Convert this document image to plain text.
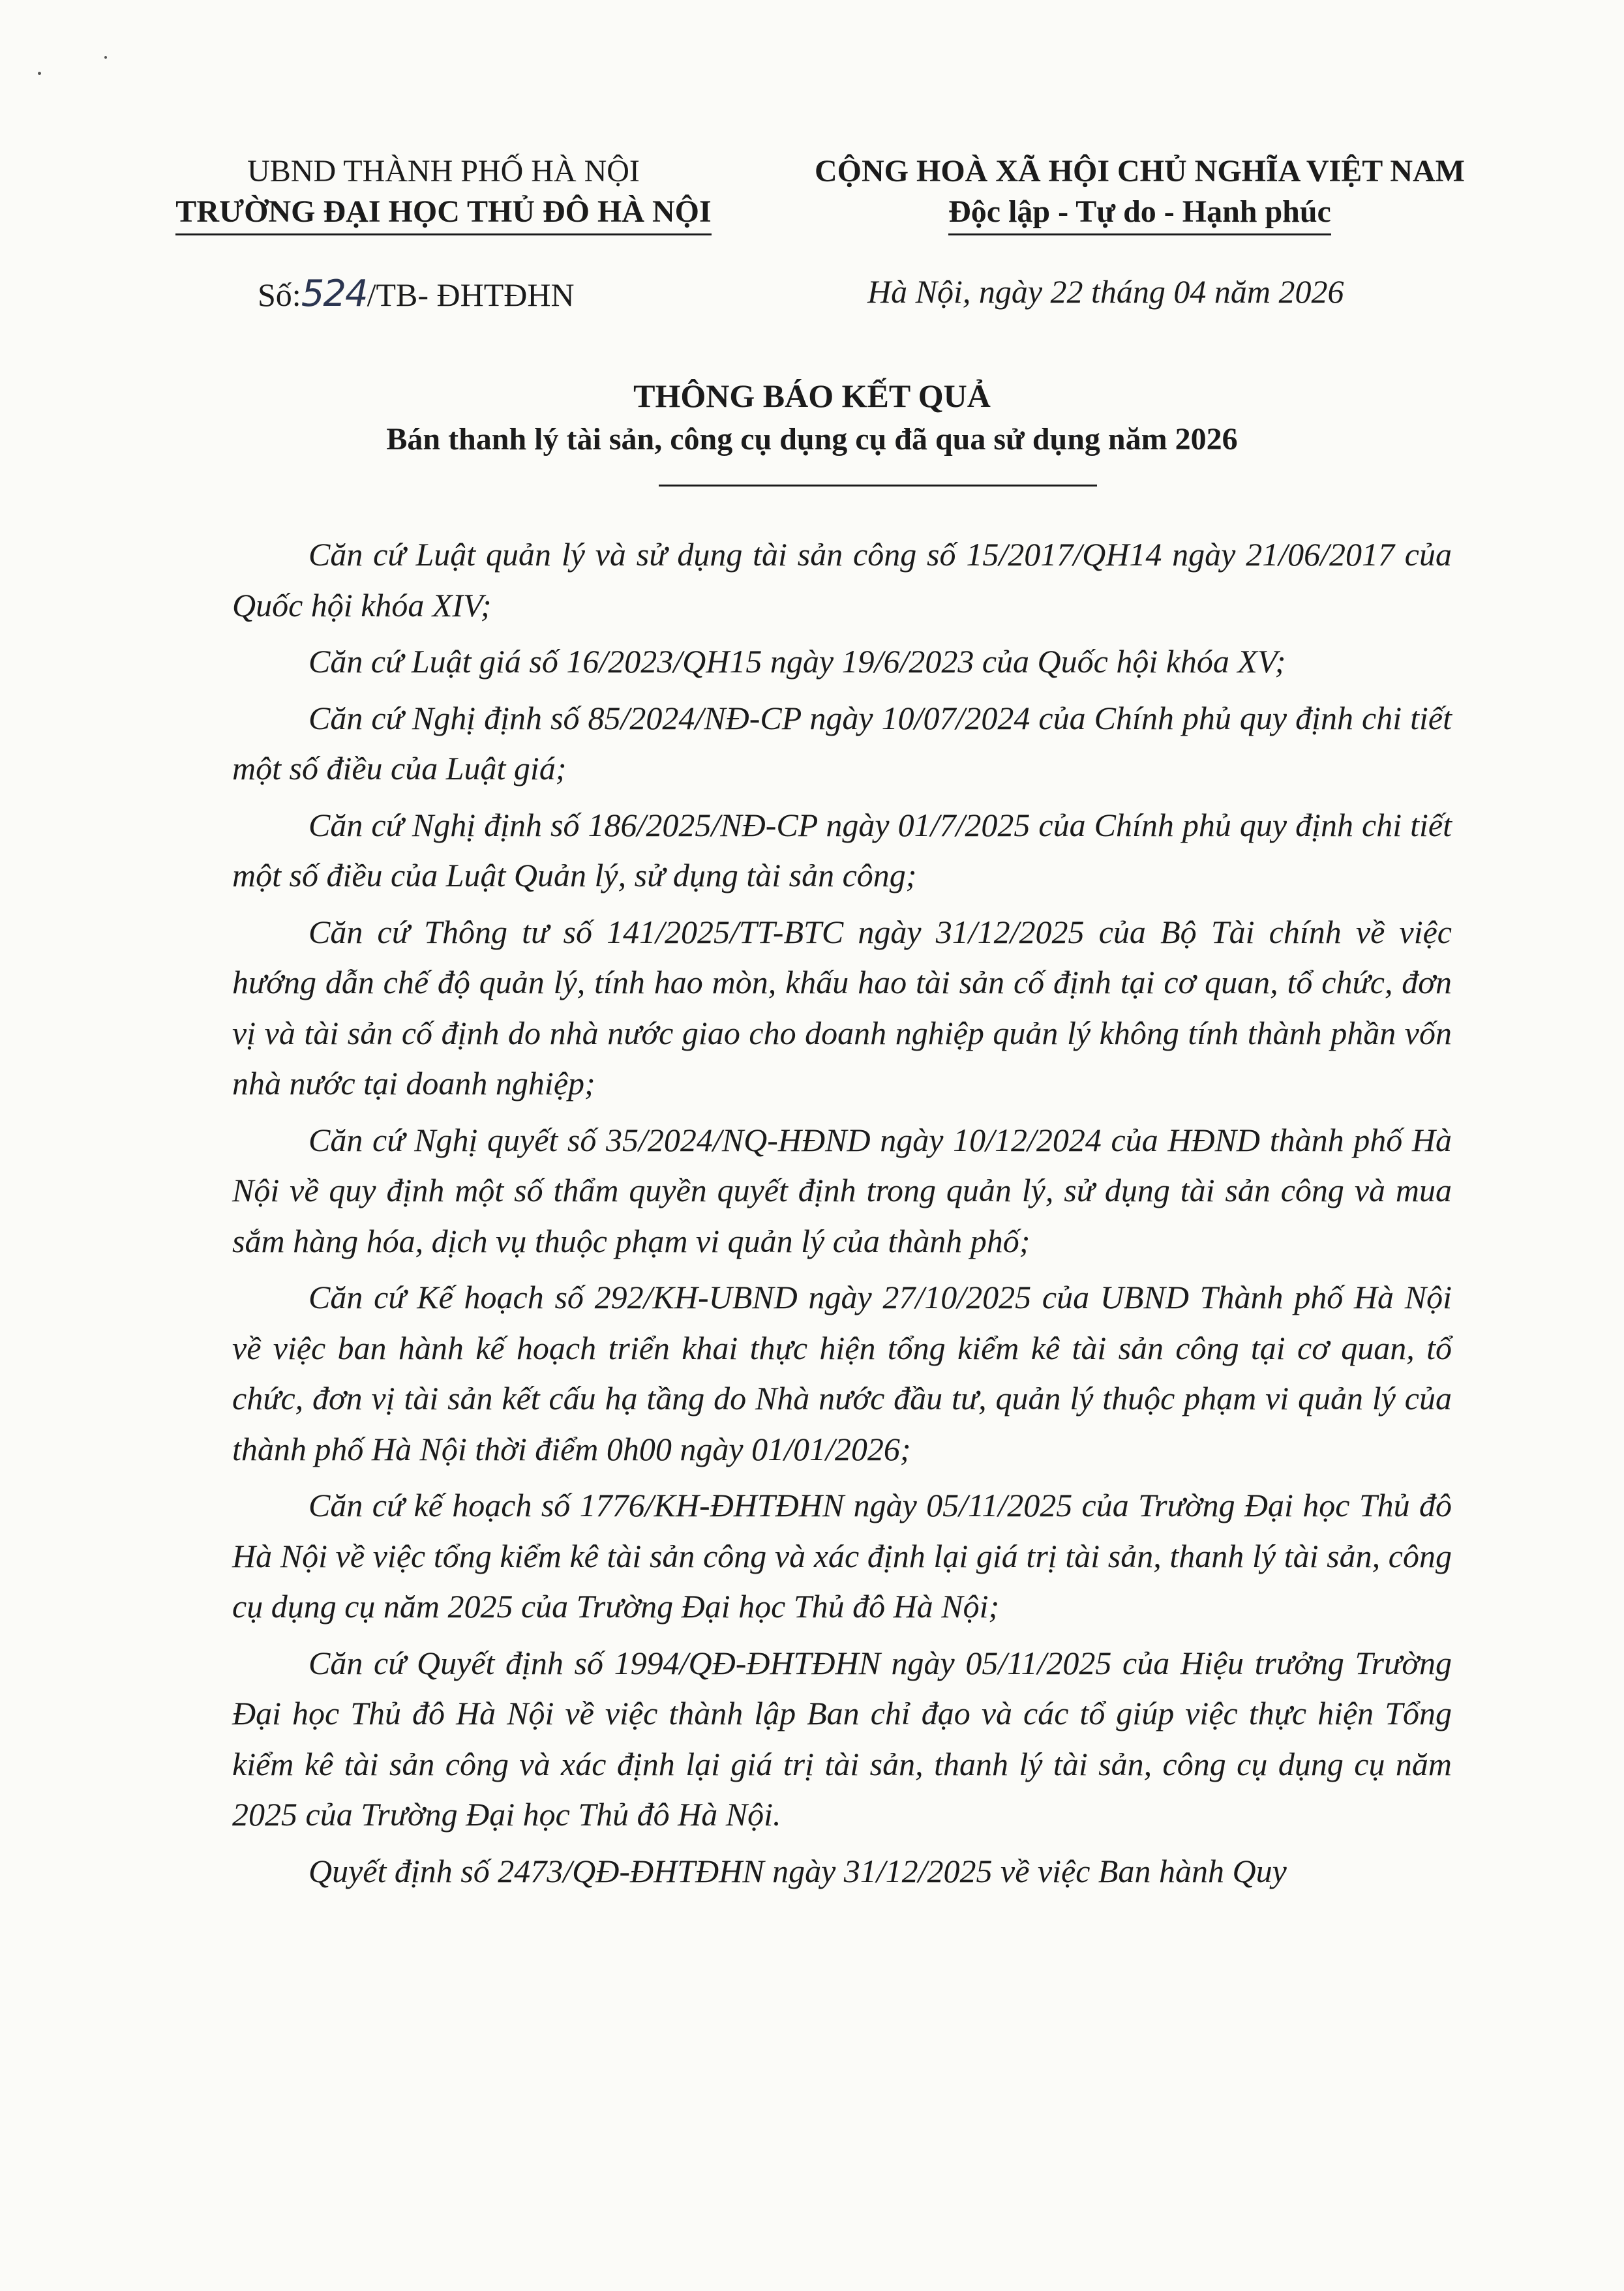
UBND THÀNH PHỐ HÀ NỘI
TRƯỜNG ĐẠI HỌC THỦ ĐÔ HÀ NỘI
CỘNG HOÀ XÃ HỘI CHỦ NGHĨA VIỆT NAM
Độc lập - Tự do - Hạnh phúc
Số:524/TB- ĐHTĐHN	Hà Nội, ngày 22 tháng 04 năm 2026
THÔNG BÁO KẾT QUẢ
Bán thanh lý tài sản, công cụ dụng cụ đã qua sử dụng năm 2026

Căn cứ Luật quản lý và sử dụng tài sản công số 15/2017/QH14 ngày 21/06/2017 của Quốc hội khóa XIV;

Căn cứ Luật giá số 16/2023/QH15 ngày 19/6/2023 của Quốc hội khóa XV;

Căn cứ Nghị định số 85/2024/NĐ-CP ngày 10/07/2024 của Chính phủ quy định chi tiết một số điều của Luật giá;

Căn cứ Nghị định số 186/2025/NĐ-CP ngày 01/7/2025 của Chính phủ quy định chi tiết một số điều của Luật Quản lý, sử dụng tài sản công;

Căn cứ Thông tư số 141/2025/TT-BTC ngày 31/12/2025 của Bộ Tài chính về việc hướng dẫn chế độ quản lý, tính hao mòn, khấu hao tài sản cố định tại cơ quan, tổ chức, đơn vị và tài sản cố định do nhà nước giao cho doanh nghiệp quản lý không tính thành phần vốn nhà nước tại doanh nghiệp;

Căn cứ Nghị quyết số 35/2024/NQ-HĐND ngày 10/12/2024 của HĐND thành phố Hà Nội về quy định một số thẩm quyền quyết định trong quản lý, sử dụng tài sản công và mua sắm hàng hóa, dịch vụ thuộc phạm vi quản lý của thành phố;

Căn cứ Kế hoạch số 292/KH-UBND ngày 27/10/2025 của UBND Thành phố Hà Nội về việc ban hành kế hoạch triển khai thực hiện tổng kiểm kê tài sản công tại cơ quan, tổ chức, đơn vị tài sản kết cấu hạ tầng do Nhà nước đầu tư, quản lý thuộc phạm vi quản lý của thành phố Hà Nội thời điểm 0h00 ngày 01/01/2026;

Căn cứ kế hoạch số 1776/KH-ĐHTĐHN ngày 05/11/2025 của Trường Đại học Thủ đô Hà Nội về việc tổng kiểm kê tài sản công và xác định lại giá trị tài sản, thanh lý tài sản, công cụ dụng cụ năm 2025 của Trường Đại học Thủ đô Hà Nội;

Căn cứ Quyết định số 1994/QĐ-ĐHTĐHN ngày 05/11/2025 của Hiệu trưởng Trường Đại học Thủ đô Hà Nội về việc thành lập Ban chỉ đạo và các tổ giúp việc thực hiện Tổng kiểm kê tài sản công và xác định lại giá trị tài sản, thanh lý tài sản, công cụ dụng cụ năm 2025 của Trường Đại học Thủ đô Hà Nội.

Quyết định số 2473/QĐ-ĐHTĐHN ngày 31/12/2025 về việc Ban hành Quy
